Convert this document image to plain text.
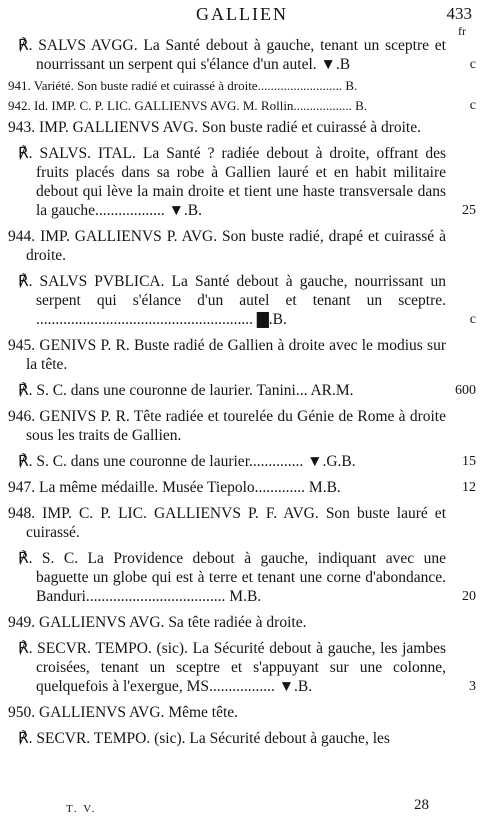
GALLIEN	433
fr
℟. SALVS AVGG. La Santé debout à gauche, tenant un sceptre et nourrissant un serpent qui s'élance d'un autel. ▼.B	c
941. Variété. Son buste radié et cuirassé à droite.......................... B.
942. Id. IMP. C. P. LIC. GALLIENVS AVG. M. Rollin.................. B.	c
943. IMP. GALLIENVS AVG. Son buste radié et cuirassé à droite.
℟. SALVS. ITAL. La Santé ? radiée debout à droite, offrant des fruits placés dans sa robe à Gallien lauré et en habit militaire debout qui lève la main droite et tient une haste transversale dans la gauche.................. ▼.B.	25
944. IMP. GALLIENVS P. AVG. Son buste radié, drapé et cuirassé à droite.
℟. SALVS PVBLICA. La Santé debout à gauche, nourrissant un serpent qui s'élance d'un autel et tenant un sceptre. ........................................................ ▇.B.	c
945. GENIVS P. R. Buste radié de Gallien à droite avec le modius sur la tête.
℟. S. C. dans une couronne de laurier. Tanini... AR.M.	600
946. GENIVS P. R. Tête radiée et tourelée du Génie de Rome à droite sous les traits de Gallien.
℟. S. C. dans une couronne de laurier.............. ▼.G.B.	15
947. La même médaille. Musée Tiepolo............. M.B.	12
948. IMP. C. P. LIC. GALLIENVS P. F. AVG. Son buste lauré et cuirassé.
℟. S. C. La Providence debout à gauche, indiquant avec une baguette un globe qui est à terre et tenant une corne d'abondance. Banduri.................................... M.B.	20
949. GALLIENVS AVG. Sa tête radiée à droite.
℟. SECVR. TEMPO. (sic). La Sécurité debout à gauche, les jambes croisées, tenant un sceptre et s'appuyant sur une colonne, quelquefois à l'exergue, MS................. ▼.B.	3
950. GALLIENVS AVG. Même tête.
℟. SECVR. TEMPO. (sic). La Sécurité debout à gauche, les
T. V.	28
